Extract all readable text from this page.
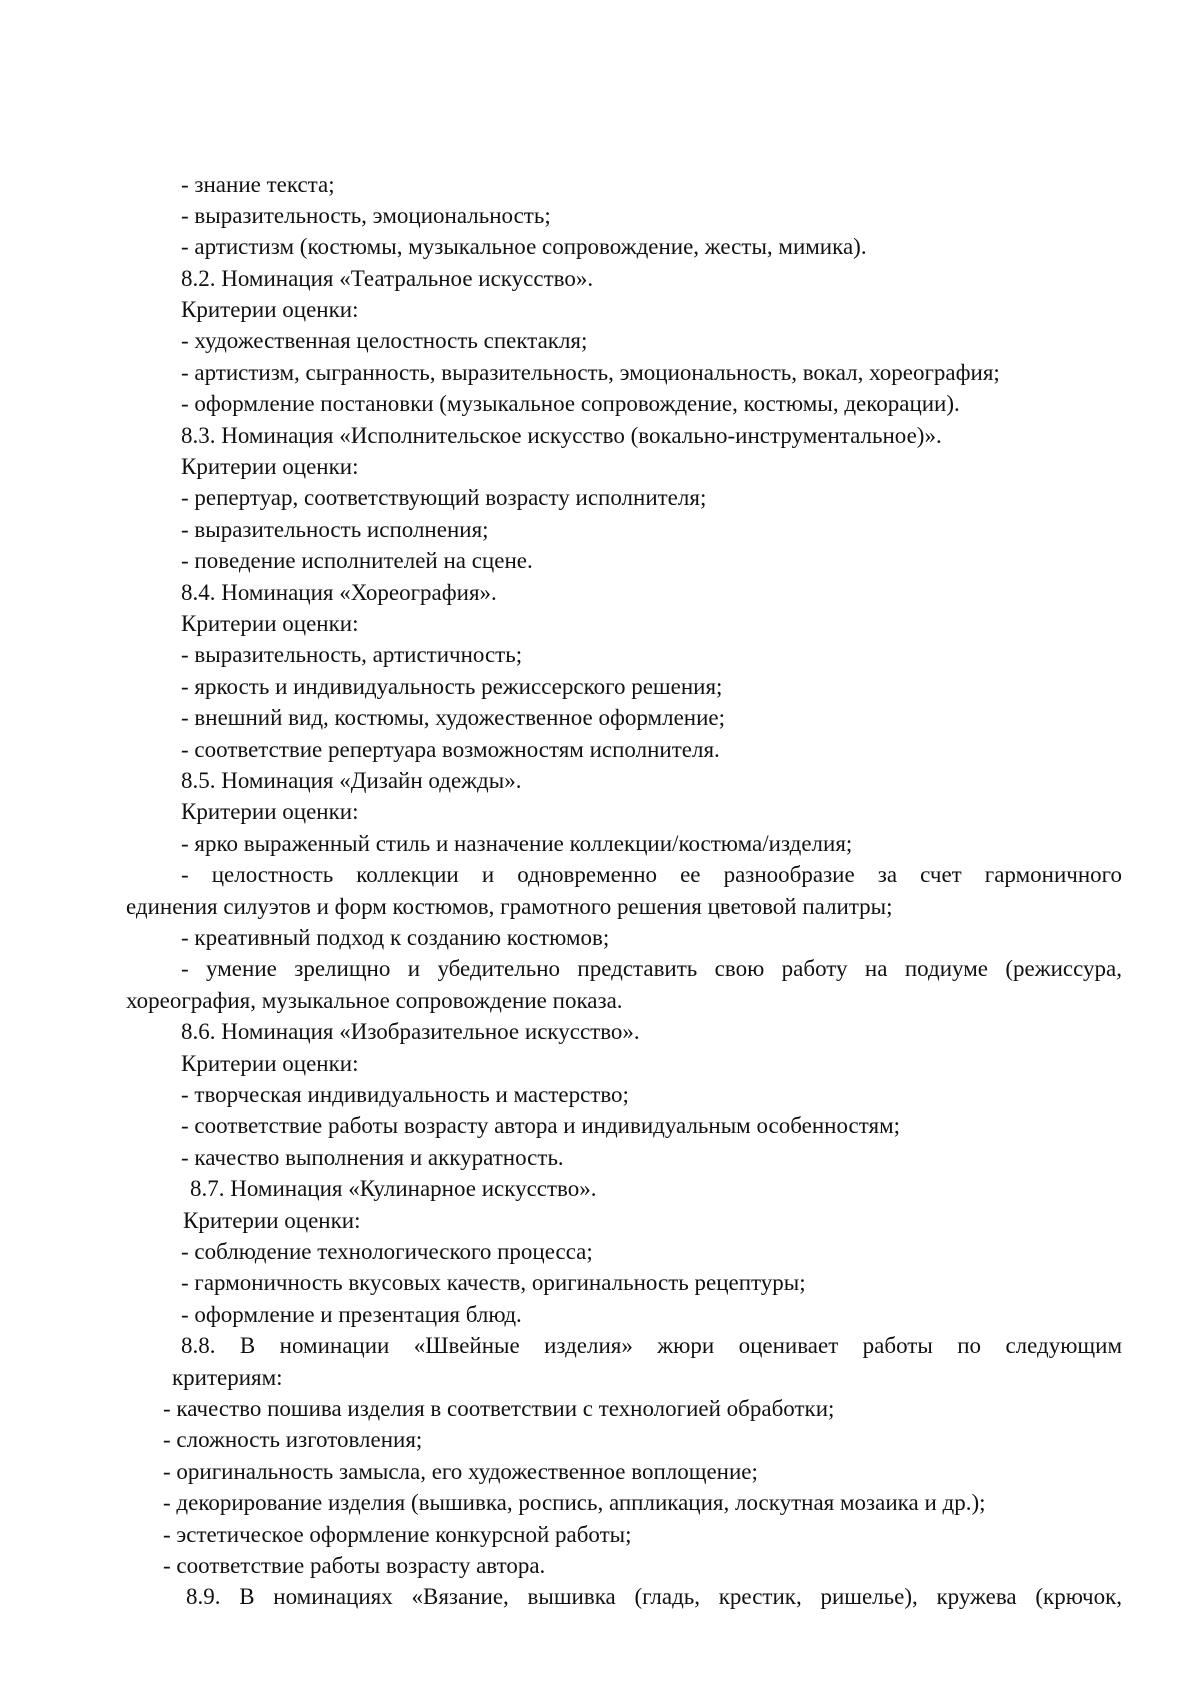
- знание текста;
- выразительность, эмоциональность;
- артистизм (костюмы, музыкальное сопровождение, жесты, мимика).
8.2. Номинация «Театральное искусство».
Критерии оценки:
- художественная целостность спектакля;
- артистизм, сыгранность, выразительность, эмоциональность, вокал, хореография;
- оформление постановки (музыкальное сопровождение, костюмы, декорации).
8.3. Номинация «Исполнительское искусство (вокально-инструментальное)».
Критерии оценки:
- репертуар, соответствующий возрасту исполнителя;
- выразительность исполнения;
- поведение исполнителей на сцене.
8.4. Номинация «Хореография».
Критерии оценки:
- выразительность, артистичность;
- яркость и индивидуальность режиссерского решения;
- внешний вид, костюмы, художественное оформление;
- соответствие репертуара возможностям исполнителя.
8.5. Номинация «Дизайн одежды».
Критерии оценки:
- ярко выраженный стиль и назначение коллекции/костюма/изделия;
- целостность коллекции и одновременно ее разнообразие за счет гармоничного
единения силуэтов и форм костюмов, грамотного решения цветовой палитры;
- креативный подход к созданию костюмов;
- умение зрелищно и убедительно представить свою работу на подиуме (режиссура,
хореография, музыкальное сопровождение показа.
8.6. Номинация «Изобразительное искусство».
Критерии оценки:
- творческая индивидуальность и мастерство;
- соответствие работы возрасту автора и индивидуальным особенностям;
- качество выполнения и аккуратность.
8.7. Номинация «Кулинарное искусство».
Критерии оценки:
- соблюдение технологического процесса;
- гармоничность вкусовых качеств, оригинальность рецептуры;
- оформление и презентация блюд.
8.8. В номинации «Швейные изделия» жюри оценивает работы по следующим
критериям:
- качество пошива изделия в соответствии с технологией обработки;
- сложность изготовления;
- оригинальность замысла, его художественное воплощение;
- декорирование изделия (вышивка, роспись, аппликация, лоскутная мозаика и др.);
- эстетическое оформление конкурсной работы;
- соответствие работы возрасту автора.
8.9. В номинациях «Вязание, вышивка (гладь, крестик, ришелье), кружева (крючок,
